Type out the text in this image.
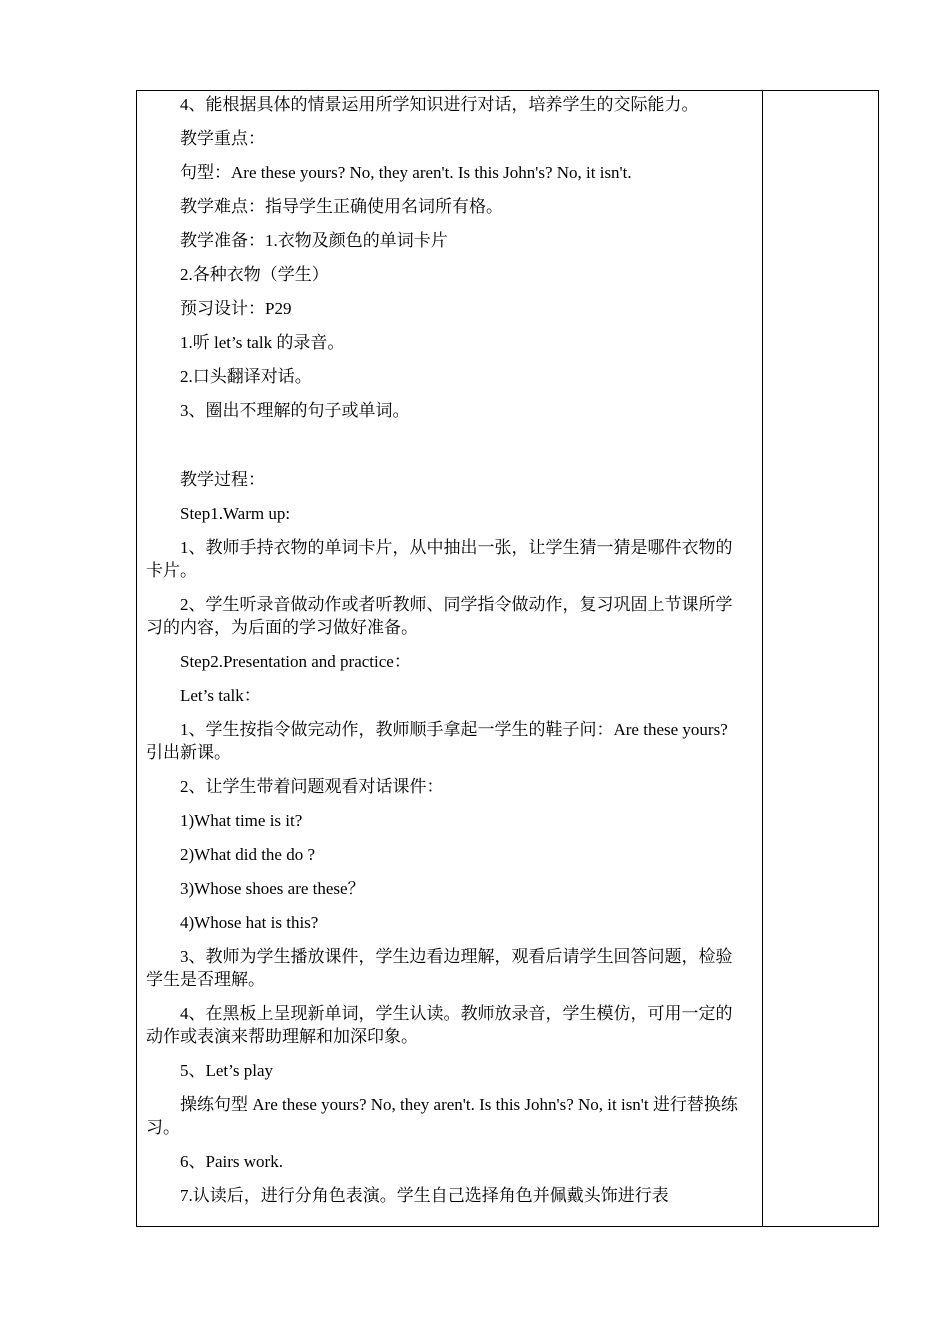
4、能根据具体的情景运用所学知识进行对话，培养学生的交际能力。

教学重点：

句型：Are these yours? No, they aren't. Is this John's? No, it isn't.

教学难点：指导学生正确使用名词所有格。

教学准备：1.衣物及颜色的单词卡片

2.各种衣物（学生）

预习设计：P29

1.听 let’s talk 的录音。

2.口头翻译对话。

3、圈出不理解的句子或单词。

教学过程：

Step1.Warm up:

1、教师手持衣物的单词卡片，从中抽出一张，让学生猜一猜是哪件衣物的卡片。

2、学生听录音做动作或者听教师、同学指令做动作，复习巩固上节课所学习的内容，为后面的学习做好准备。

Step2.Presentation and practice：

Let’s talk：

1、学生按指令做完动作，教师顺手拿起一学生的鞋子问：Are these yours? 引出新课。

2、让学生带着问题观看对话课件：

1)What time is it?

2)What did the do ?

3)Whose shoes are these？

4)Whose hat is this?

3、教师为学生播放课件，学生边看边理解，观看后请学生回答问题，检验学生是否理解。

4、在黑板上呈现新单词，学生认读。教师放录音，学生模仿，可用一定的动作或表演来帮助理解和加深印象。

5、Let’s play

操练句型 Are these yours? No, they aren't. Is this John's? No, it isn't 进行替换练习。

6、Pairs work.

7.认读后，进行分角色表演。学生自己选择角色并佩戴头饰进行表
